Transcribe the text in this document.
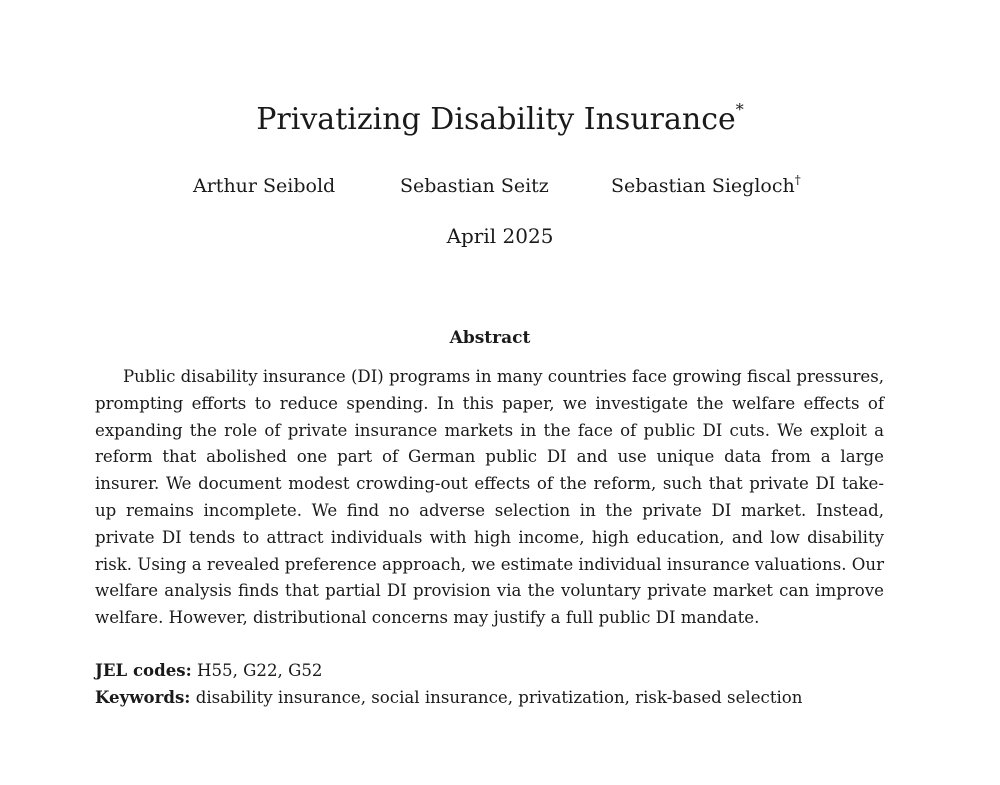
Privatizing Disability Insurance*
Arthur Seibold	Sebastian Seitz	Sebastian Siegloch†
April 2025
Abstract

Public disability insurance (DI) programs in many countries face growing fiscal pressures, prompting efforts to reduce spending. In this paper, we investigate the welfare effects of expanding the role of private insurance markets in the face of public DI cuts. We exploit a reform that abolished one part of German public DI and use unique data from a large insurer. We document modest crowding-out effects of the reform, such that private DI take-up remains incomplete. We find no adverse selection in the private DI market. Instead, private DI tends to attract individuals with high income, high education, and low disability risk. Using a revealed preference approach, we estimate individual insurance valuations. Our welfare analysis finds that partial DI provision via the voluntary private market can improve welfare. However, distributional concerns may justify a full public DI mandate.

JEL codes: H55, G22, G52
Keywords: disability insurance, social insurance, privatization, risk-based selection
